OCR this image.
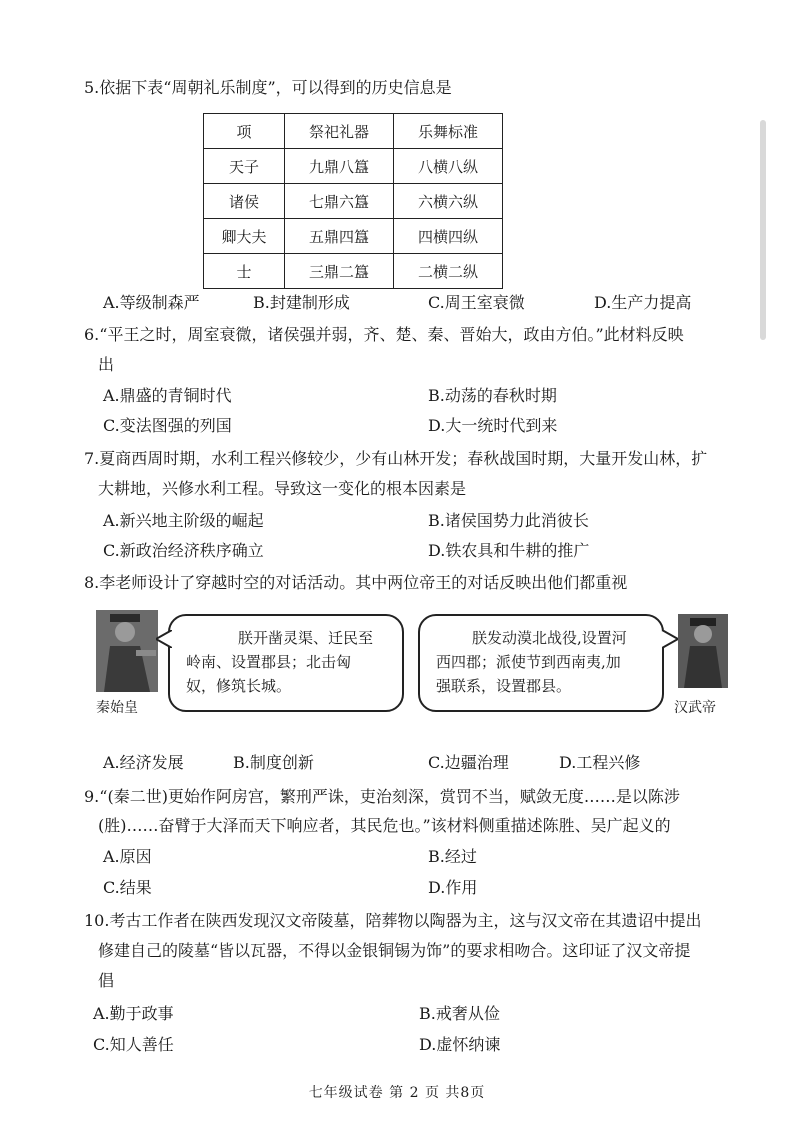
5.依据下表“周朝礼乐制度”，可以得到的历史信息是
项	祭祀礼器	乐舞标准
天子	九鼎八簋	八横八纵
诸侯	七鼎六簋	六横六纵
卿大夫	五鼎四簋	四横四纵
士	三鼎二簋	二横二纵
A.等级制森严	B.封建制形成	C.周王室衰微	D.生产力提高
6.“平王之时，周室衰微，诸侯强并弱，齐、楚、秦、晋始大，政由方伯。”此材料反映
出
A.鼎盛的青铜时代	B.动荡的春秋时期
C.变法图强的列国	D.大一统时代到来
7.夏商西周时期，水利工程兴修较少，少有山林开发；春秋战国时期，大量开发山林，扩
大耕地，兴修水利工程。导致这一变化的根本因素是
A.新兴地主阶级的崛起	B.诸侯国势力此消彼长
C.新政治经济秩序确立	D.铁农具和牛耕的推广
8.李老师设计了穿越时空的对话活动。其中两位帝王的对话反映出他们都重视
秦始皇
朕开凿灵渠、迁民至
岭南、设置郡县；北击匈
奴，修筑长城。
朕发动漠北战役,设置河
西四郡；派使节到西南夷,加
强联系，设置郡县。
汉武帝
A.经济发展	B.制度创新	C.边疆治理	D.工程兴修
9.“(秦二世)更始作阿房宫，繁刑严诛，吏治刻深，赏罚不当，赋敛无度……是以陈涉
(胜)……奋臂于大泽而天下响应者，其民危也。”该材料侧重描述陈胜、吴广起义的
A.原因	B.经过
C.结果	D.作用
10.考古工作者在陕西发现汉文帝陵墓，陪葬物以陶器为主，这与汉文帝在其遗诏中提出
修建自己的陵墓“皆以瓦器，不得以金银铜锡为饰”的要求相吻合。这印证了汉文帝提
倡
A.勤于政事	B.戒奢从俭
C.知人善任	D.虚怀纳谏
七年级试卷 第 2 页 共8页
